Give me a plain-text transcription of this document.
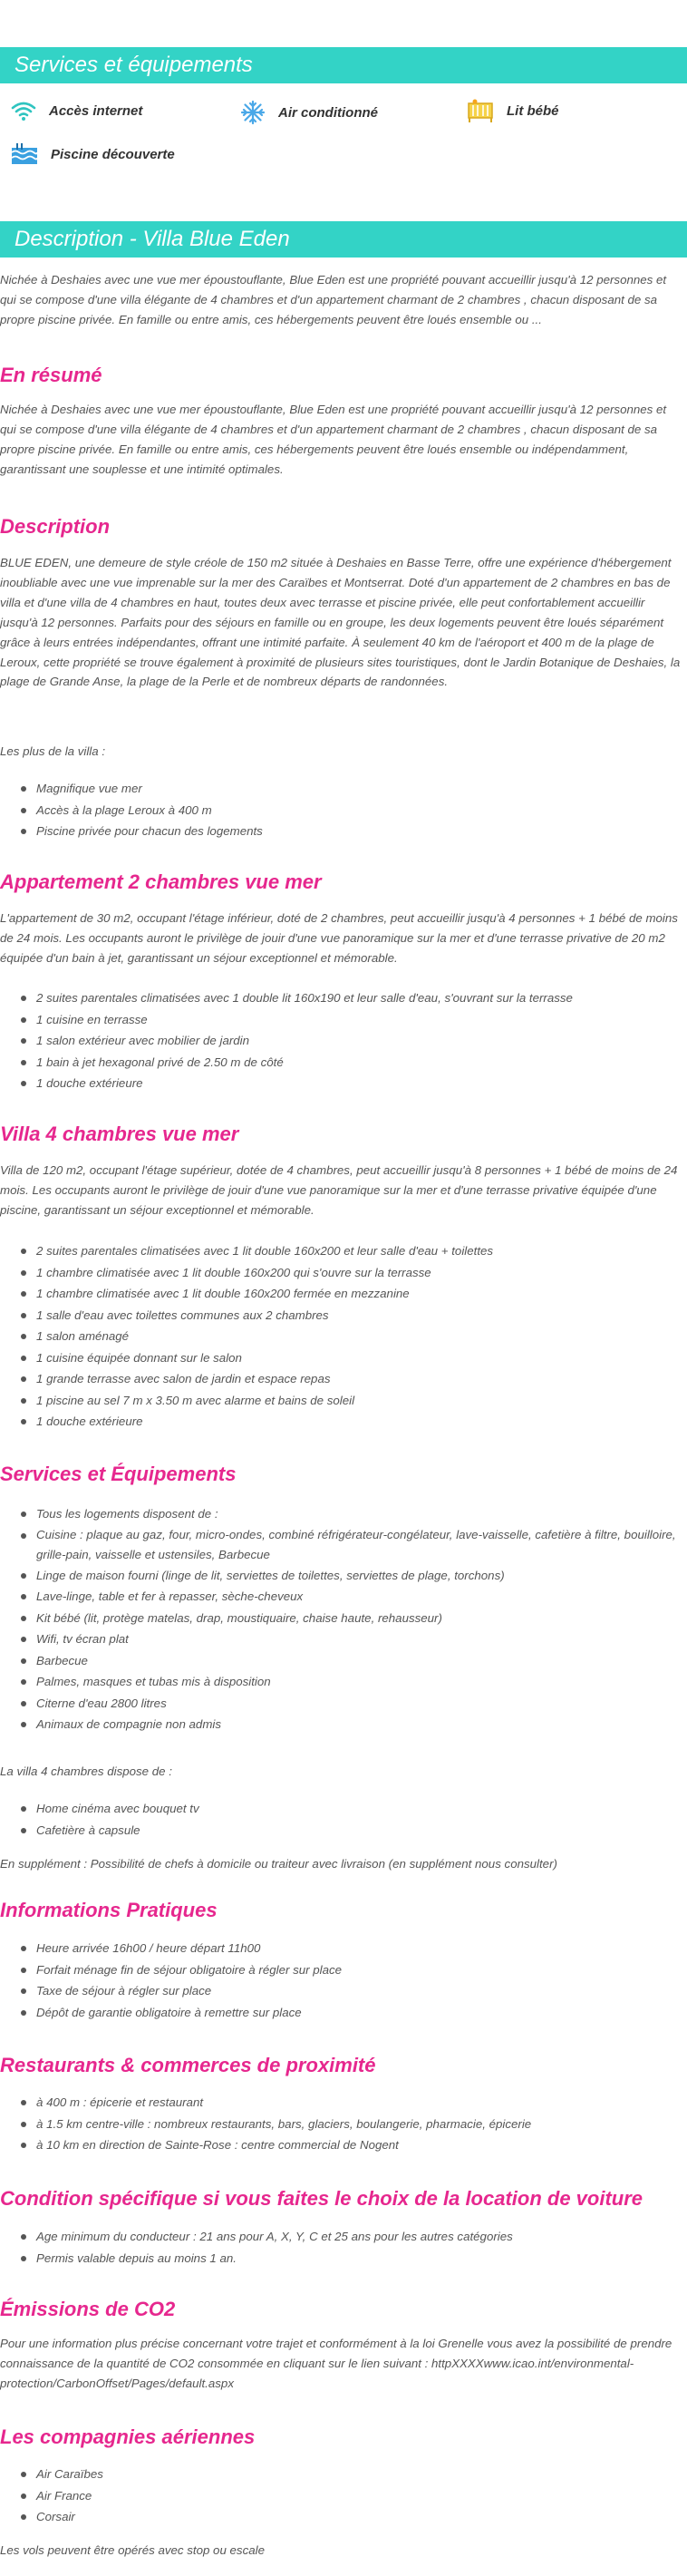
Services et équipements
Accès internet	Air conditionné	Lit bébé
Piscine découverte
Description - Villa Blue Eden

Nichée à Deshaies avec une vue mer époustouflante, Blue Eden est une propriété pouvant accueillir jusqu'à 12 personnes et qui se compose d'une villa élégante de 4 chambres et d'un appartement charmant de 2 chambres , chacun disposant de sa propre piscine privée. En famille ou entre amis, ces hébergements peuvent être loués ensemble ou ...

En résumé

Nichée à Deshaies avec une vue mer époustouflante, Blue Eden est une propriété pouvant accueillir jusqu'à 12 personnes et qui se compose d'une villa élégante de 4 chambres et d'un appartement charmant de 2 chambres , chacun disposant de sa propre piscine privée. En famille ou entre amis, ces hébergements peuvent être loués ensemble ou indépendamment, garantissant une souplesse et une intimité optimales.

Description

BLUE EDEN, une demeure de style créole de 150 m2 située à Deshaies en Basse Terre, offre une expérience d'hébergement inoubliable avec une vue imprenable sur la mer des Caraïbes et Montserrat. Doté d'un appartement de 2 chambres en bas de villa et d'une villa de 4 chambres en haut, toutes deux avec terrasse et piscine privée, elle peut confortablement accueillir jusqu'à 12 personnes. Parfaits pour des séjours en famille ou en groupe, les deux logements peuvent être loués séparément grâce à leurs entrées indépendantes, offrant une intimité parfaite. À seulement 40 km de l'aéroport et 400 m de la plage de Leroux, cette propriété se trouve également à proximité de plusieurs sites touristiques, dont le Jardin Botanique de Deshaies, la plage de Grande Anse, la plage de la Perle et de nombreux départs de randonnées.

Les plus de la villa :

Magnifique vue mer
Accès à la plage Leroux à 400 m
Piscine privée pour chacun des logements
Appartement 2 chambres vue mer

L'appartement de 30 m2, occupant l'étage inférieur, doté de 2 chambres, peut accueillir jusqu'à 4 personnes + 1 bébé de moins de 24 mois. Les occupants auront le privilège de jouir d'une vue panoramique sur la mer et d'une terrasse privative de 20 m2 équipée d'un bain à jet, garantissant un séjour exceptionnel et mémorable.

2 suites parentales climatisées avec 1 double lit 160x190 et leur salle d'eau, s'ouvrant sur la terrasse
1 cuisine en terrasse
1 salon extérieur avec mobilier de jardin
1 bain à jet hexagonal privé de 2.50 m de côté
1 douche extérieure
Villa 4 chambres vue mer

Villa de 120 m2, occupant l'étage supérieur, dotée de 4 chambres, peut accueillir jusqu'à 8 personnes + 1 bébé de moins de 24 mois. Les occupants auront le privilège de jouir d'une vue panoramique sur la mer et d'une terrasse privative équipée d'une piscine, garantissant un séjour exceptionnel et mémorable.

2 suites parentales climatisées avec 1 lit double 160x200 et leur salle d'eau + toilettes
1 chambre climatisée avec 1 lit double 160x200 qui s'ouvre sur la terrasse
1 chambre climatisée avec 1 lit double 160x200 fermée en mezzanine
1 salle d'eau avec toilettes communes aux 2 chambres
1 salon aménagé
1 cuisine équipée donnant sur le salon
1 grande terrasse avec salon de jardin et espace repas
1 piscine au sel 7 m x 3.50 m avec alarme et bains de soleil
1 douche extérieure
Services et Équipements
Tous les logements disposent de :
Cuisine : plaque au gaz, four, micro-ondes, combiné réfrigérateur-congélateur, lave-vaisselle, cafetière à filtre, bouilloire, grille-pain, vaisselle et ustensiles, Barbecue
Linge de maison fourni (linge de lit, serviettes de toilettes, serviettes de plage, torchons)
Lave-linge, table et fer à repasser, sèche-cheveux
Kit bébé (lit, protège matelas, drap, moustiquaire, chaise haute, rehausseur)
Wifi, tv écran plat
Barbecue
Palmes, masques et tubas mis à disposition
Citerne d'eau 2800 litres
Animaux de compagnie non admis

La villa 4 chambres dispose de :

Home cinéma avec bouquet tv
Cafetière à capsule

En supplément : Possibilité de chefs à domicile ou traiteur avec livraison (en supplément nous consulter)

Informations Pratiques
Heure arrivée 16h00 / heure départ 11h00
Forfait ménage fin de séjour obligatoire à régler sur place
Taxe de séjour à régler sur place
Dépôt de garantie obligatoire à remettre sur place
Restaurants & commerces de proximité
à 400 m : épicerie et restaurant
à 1.5 km centre-ville : nombreux restaurants, bars, glaciers, boulangerie, pharmacie, épicerie
à 10 km en direction de Sainte-Rose : centre commercial de Nogent
Condition spécifique si vous faites le choix de la location de voiture
Age minimum du conducteur : 21 ans pour A, X, Y, C et 25 ans pour les autres catégories
Permis valable depuis au moins 1 an.
Émissions de CO2

Pour une information plus précise concernant votre trajet et conformément à la loi Grenelle vous avez la possibilité de prendre connaissance de la quantité de CO2 consommée en cliquant sur le lien suivant : httpXXXXwww.icao.int/environmental-protection/CarbonOffset/Pages/default.aspx

Les compagnies aériennes
Air Caraïbes
Air France
Corsair

Les vols peuvent être opérés avec stop ou escale
